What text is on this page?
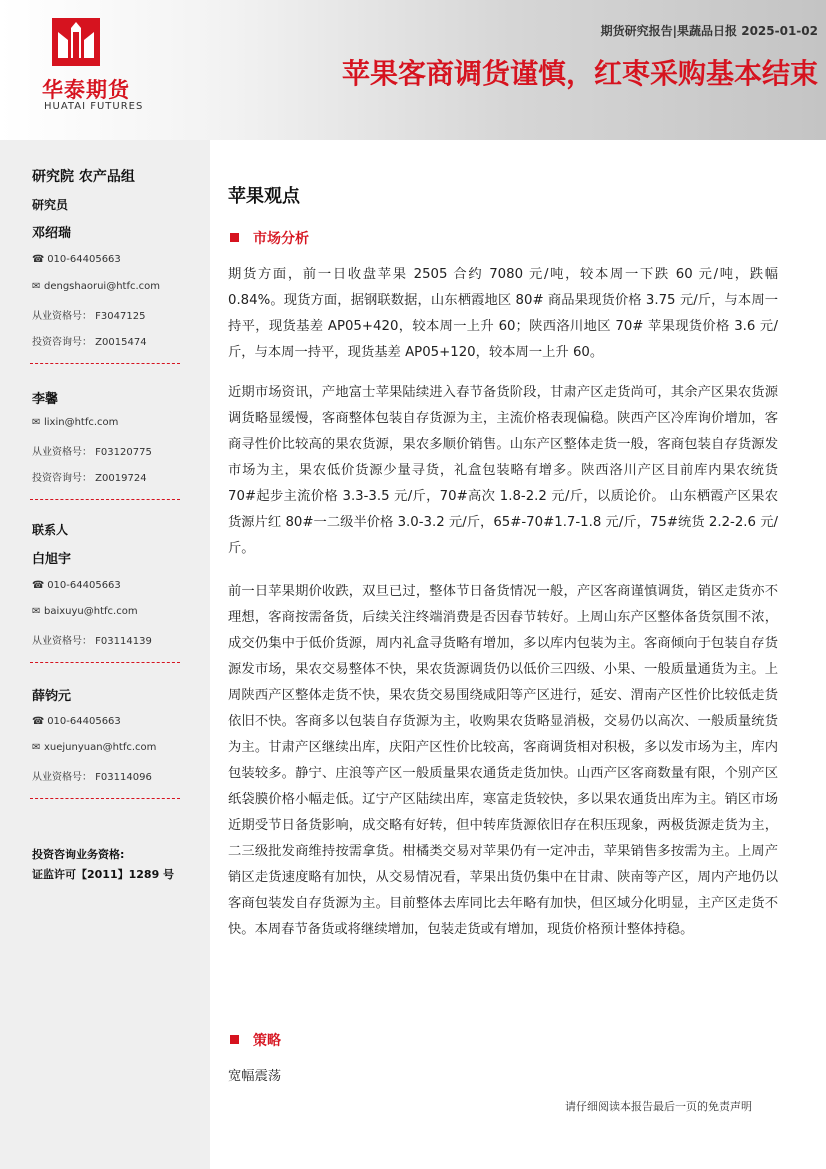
华泰期货
HUATAI FUTURES
期货研究报告|果蔬品日报 2025-01-02
苹果客商调货谨慎，红枣采购基本结束
研究院 农产品组
研究员
邓绍瑞
☎ 010-64405663
✉ dengshaorui@htfc.com
从业资格号： F3047125
投资咨询号： Z0015474
李馨
✉ lixin@htfc.com
从业资格号： F03120775
投资咨询号： Z0019724
联系人
白旭宇
☎ 010-64405663
✉ baixuyu@htfc.com
从业资格号： F03114139
薛钧元
☎ 010-64405663
✉ xuejunyuan@htfc.com
从业资格号： F03114096
投资咨询业务资格:
证监许可【2011】1289 号
苹果观点
市场分析
期货方面，前一日收盘苹果 2505 合约 7080 元/吨，较本周一下跌 60 元/吨，跌幅 0.84%。现货方面，据钢联数据，山东栖霞地区 80# 商品果现货价格 3.75 元/斤，与本周一持平，现货基差 AP05+420，较本周一上升 60；陕西洛川地区 70# 苹果现货价格 3.6 元/斤，与本周一持平，现货基差 AP05+120，较本周一上升 60。
近期市场资讯，产地富士苹果陆续进入春节备货阶段，甘肃产区走货尚可，其余产区果农货源调货略显缓慢，客商整体包装自存货源为主，主流价格表现偏稳。陕西产区冷库询价增加，客商寻性价比较高的果农货源，果农多顺价销售。山东产区整体走货一般，客商包装自存货源发市场为主，果农低价货源少量寻货，礼盒包装略有增多。陕西洛川产区目前库内果农统货 70#起步主流价格 3.3-3.5 元/斤，70#高次 1.8-2.2 元/斤，以质论价。 山东栖霞产区果农货源片红 80#一二级半价格 3.0-3.2 元/斤，65#-70#1.7-1.8 元/斤，75#统货 2.2-2.6 元/斤。
前一日苹果期价收跌，双旦已过，整体节日备货情况一般，产区客商谨慎调货，销区走货亦不理想，客商按需备货，后续关注终端消费是否因春节转好。上周山东产区整体备货氛围不浓，成交仍集中于低价货源，周内礼盒寻货略有增加，多以库内包装为主。客商倾向于包装自存货源发市场，果农交易整体不快，果农货源调货仍以低价三四级、小果、一般质量通货为主。上周陕西产区整体走货不快，果农货交易围绕咸阳等产区进行，延安、渭南产区性价比较低走货依旧不快。客商多以包装自存货源为主，收购果农货略显消极，交易仍以高次、一般质量统货为主。甘肃产区继续出库，庆阳产区性价比较高，客商调货相对积极，多以发市场为主，库内包装较多。静宁、庄浪等产区一般质量果农通货走货加快。山西产区客商数量有限，个别产区纸袋膜价格小幅走低。辽宁产区陆续出库，寒富走货较快，多以果农通货出库为主。销区市场近期受节日备货影响，成交略有好转，但中转库货源依旧存在积压现象，两极货源走货为主，二三级批发商维持按需拿货。柑橘类交易对苹果仍有一定冲击，苹果销售多按需为主。上周产销区走货速度略有加快，从交易情况看，苹果出货仍集中在甘肃、陕南等产区，周内产地仍以客商包装发自存货源为主。目前整体去库同比去年略有加快，但区域分化明显，主产区走货不快。本周春节备货或将继续增加，包装走货或有增加，现货价格预计整体持稳。
策略
宽幅震荡
请仔细阅读本报告最后一页的免责声明
